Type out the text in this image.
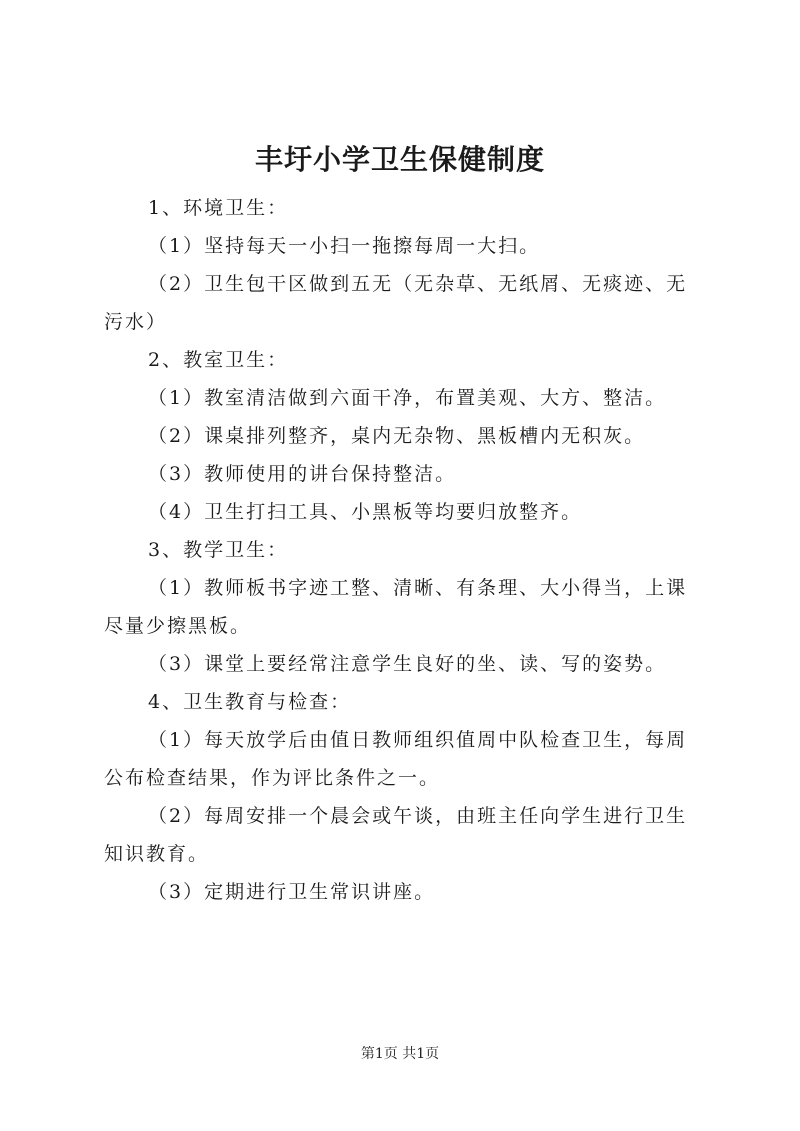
丰圩小学卫生保健制度

1、环境卫生：

（1）坚持每天一小扫一拖擦每周一大扫。

（2）卫生包干区做到五无（无杂草、无纸屑、无痰迹、无污水）

2、教室卫生：

（1）教室清洁做到六面干净，布置美观、大方、整洁。

（2）课桌排列整齐，桌内无杂物、黑板槽内无积灰。

（3）教师使用的讲台保持整洁。

（4）卫生打扫工具、小黑板等均要归放整齐。

3、教学卫生：

（1）教师板书字迹工整、清晰、有条理、大小得当，上课尽量少擦黑板。

（3）课堂上要经常注意学生良好的坐、读、写的姿势。

4、卫生教育与检查：

（1）每天放学后由值日教师组织值周中队检查卫生，每周公布检查结果，作为评比条件之一。

（2）每周安排一个晨会或午谈，由班主任向学生进行卫生知识教育。

（3）定期进行卫生常识讲座。

第1页 共1页
